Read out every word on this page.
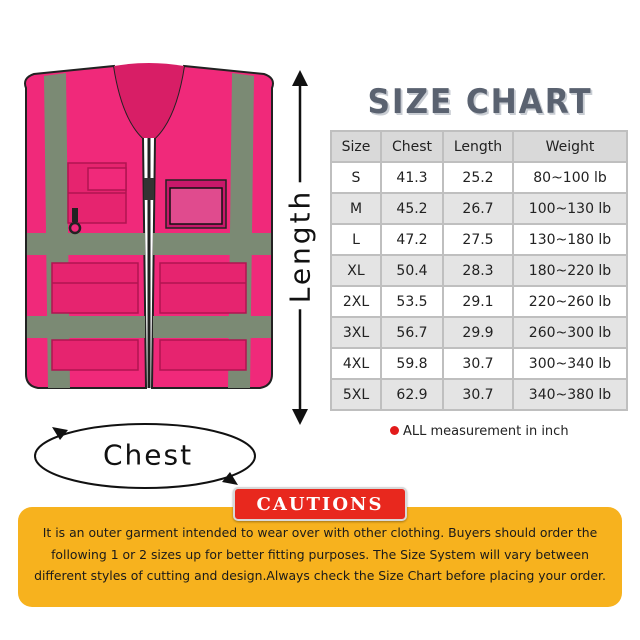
Length
Chest
SIZE CHART
Size	Chest	Length	Weight
S	41.3	25.2	80~100 lb
M	45.2	26.7	100~130 lb
L	47.2	27.5	130~180 lb
XL	50.4	28.3	180~220 lb
2XL	53.5	29.1	220~260 lb
3XL	56.7	29.9	260~300 lb
4XL	59.8	30.7	300~340 lb
5XL	62.9	30.7	340~380 lb
ALL measurement in inch
It is an outer garment intended to wear over with other clothing. Buyers should order the
following 1 or 2 sizes up for better fitting purposes. The Size System will vary between
different styles of cutting and design.Always check the Size Chart before placing your order.
CAUTIONS
